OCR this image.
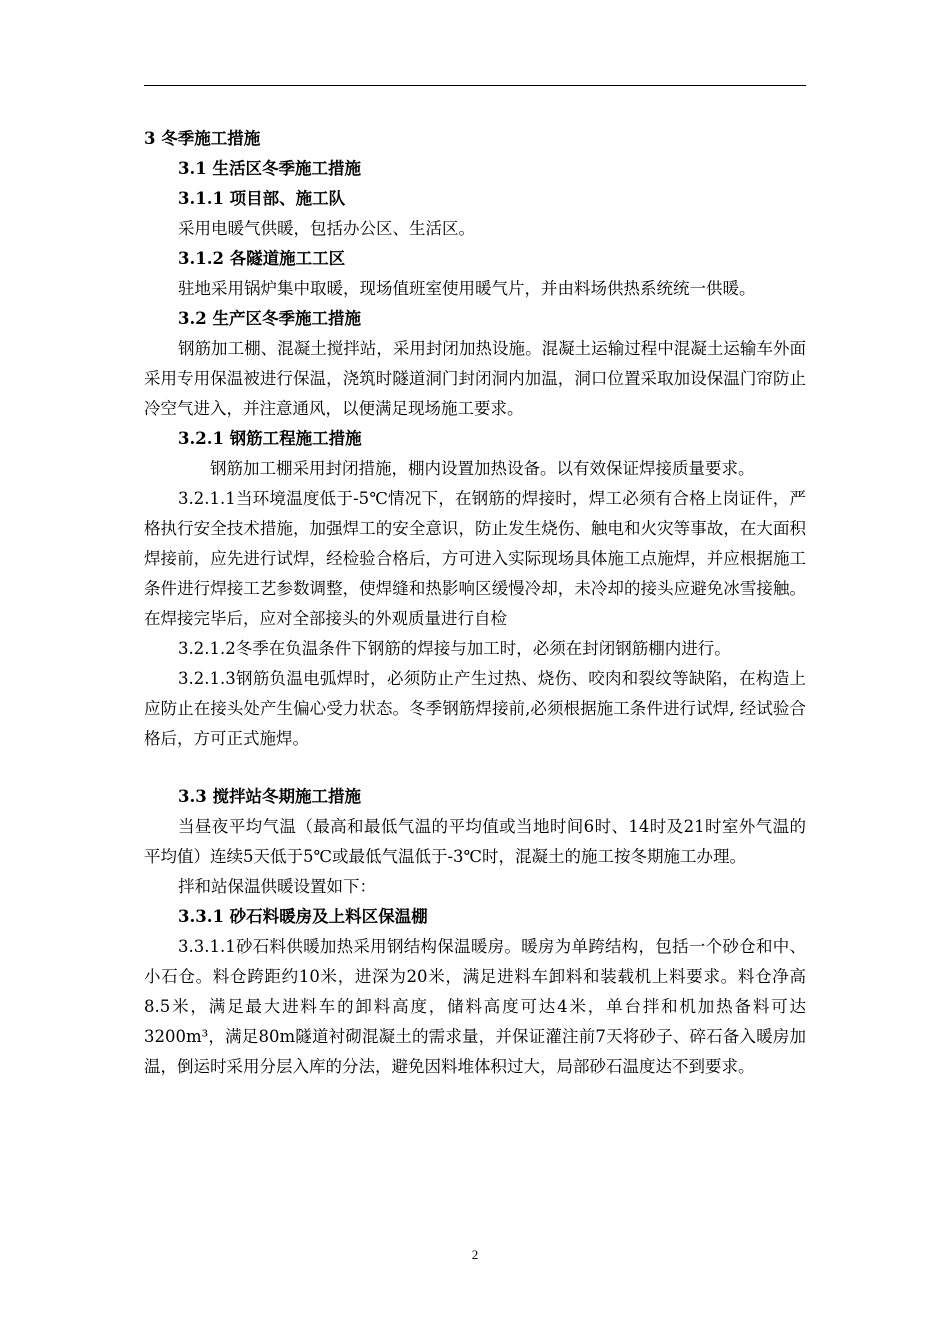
3 冬季施工措施
3.1 生活区冬季施工措施
3.1.1 项目部、施工队

采用电暖气供暖，包括办公区、生活区。

3.1.2 各隧道施工工区

驻地采用锅炉集中取暖，现场值班室使用暖气片，并由料场供热系统统一供暖。

3.2 生产区冬季施工措施

钢筋加工棚、混凝土搅拌站，采用封闭加热设施。混凝土运输过程中混凝土运输车外面采用专用保温被进行保温，浇筑时隧道洞门封闭洞内加温，洞口位置采取加设保温门帘防止冷空气进入，并注意通风，以便满足现场施工要求。

3.2.1 钢筋工程施工措施

钢筋加工棚采用封闭措施，棚内设置加热设备。以有效保证焊接质量要求。

3.2.1.1当环境温度低于-5℃情况下，在钢筋的焊接时，焊工必须有合格上岗证件，严格执行安全技术措施，加强焊工的安全意识，防止发生烧伤、触电和火灾等事故，在大面积焊接前，应先进行试焊，经检验合格后，方可进入实际现场具体施工点施焊，并应根据施工条件进行焊接工艺参数调整，使焊缝和热影响区缓慢冷却，未冷却的接头应避免冰雪接触。在焊接完毕后，应对全部接头的外观质量进行自检

3.2.1.2冬季在负温条件下钢筋的焊接与加工时，必须在封闭钢筋棚内进行。

3.2.1.3钢筋负温电弧焊时，必须防止产生过热、烧伤、咬肉和裂纹等缺陷，在构造上应防止在接头处产生偏心受力状态。冬季钢筋焊接前,必须根据施工条件进行试焊, 经试验合格后，方可正式施焊。

3.3 搅拌站冬期施工措施

当昼夜平均气温（最高和最低气温的平均值或当地时间6时、14时及21时室外气温的平均值）连续5天低于5℃或最低气温低于-3℃时，混凝土的施工按冬期施工办理。

拌和站保温供暖设置如下：

3.3.1 砂石料暖房及上料区保温棚

3.3.1.1砂石料供暖加热采用钢结构保温暖房。暖房为单跨结构，包括一个砂仓和中、小石仓。料仓跨距约10米，进深为20米，满足进料车卸料和装载机上料要求。料仓净高8.5米，满足最大进料车的卸料高度，储料高度可达4米，单台拌和机加热备料可达3200m³，满足80m隧道衬砌混凝土的需求量，并保证灌注前7天将砂子、碎石备入暖房加温，倒运时采用分层入库的分法，避免因料堆体积过大，局部砂石温度达不到要求。

2
